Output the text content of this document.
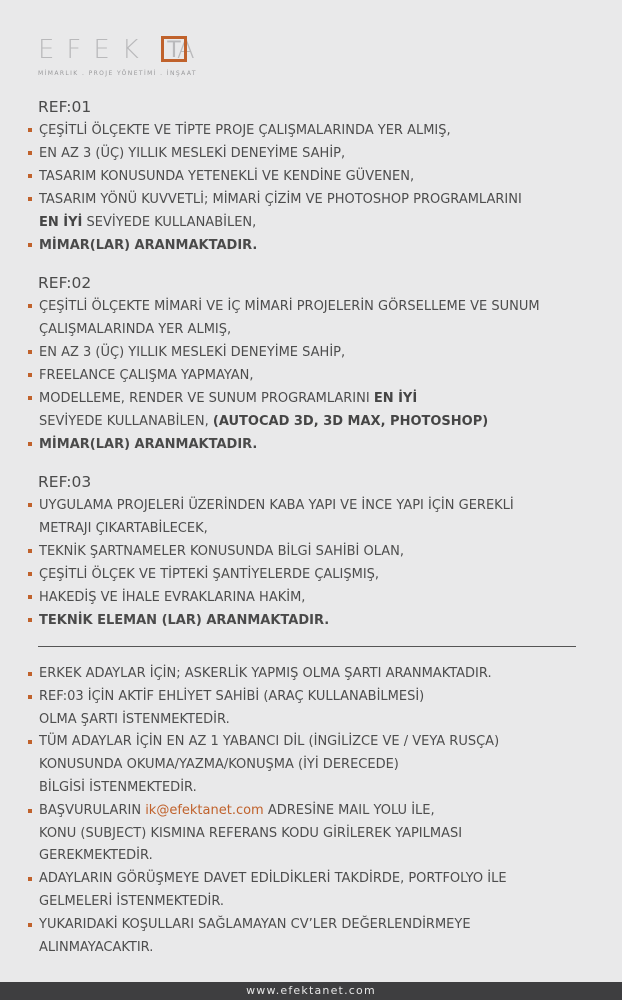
EFEK A
T
MİMARLIK . PROJE YÖNETİMİ . İNŞAAT
REF:01
ÇEŞİTLİ ÖLÇEKTE VE TİPTE PROJE ÇALIŞMALARINDA YER ALMIŞ,
EN AZ 3 (ÜÇ) YILLIK MESLEKİ DENEYİME SAHİP,
TASARIM KONUSUNDA YETENEKLİ VE KENDİNE GÜVENEN,
TASARIM YÖNÜ KUVVETLİ; MİMARİ ÇİZİM VE PHOTOSHOP PROGRAMLARINI
EN İYİ SEVİYEDE KULLANABİLEN,
MİMAR(LAR) ARANMAKTADIR.
REF:02
ÇEŞİTLİ ÖLÇEKTE MİMARİ VE İÇ MİMARİ PROJELERİN GÖRSELLEME VE SUNUM
ÇALIŞMALARINDA YER ALMIŞ,
EN AZ 3 (ÜÇ) YILLIK MESLEKİ DENEYİME SAHİP,
FREELANCE ÇALIŞMA YAPMAYAN,
MODELLEME, RENDER VE SUNUM PROGRAMLARINI EN İYİ
SEVİYEDE KULLANABİLEN, (AUTOCAD 3D, 3D MAX, PHOTOSHOP)
MİMAR(LAR) ARANMAKTADIR.
REF:03
UYGULAMA PROJELERİ ÜZERİNDEN KABA YAPI VE İNCE YAPI İÇİN GEREKLİ
METRAJI ÇIKARTABİLECEK,
TEKNİK ŞARTNAMELER KONUSUNDA BİLGİ SAHİBİ OLAN,
ÇEŞİTLİ ÖLÇEK VE TİPTEKİ ŞANTİYELERDE ÇALIŞMIŞ,
HAKEDİŞ VE İHALE EVRAKLARINA HAKİM,
TEKNİK ELEMAN (LAR) ARANMAKTADIR.
ERKEK ADAYLAR İÇİN; ASKERLİK YAPMIŞ OLMA ŞARTI ARANMAKTADIR.
REF:03 İÇİN AKTİF EHLİYET SAHİBİ (ARAÇ KULLANABİLMESİ)
OLMA ŞARTI İSTENMEKTEDİR.
TÜM ADAYLAR İÇİN EN AZ 1 YABANCI DİL (İNGİLİZCE VE / VEYA RUSÇA)
KONUSUNDA OKUMA/YAZMA/KONUŞMA (İYİ DERECEDE)
BİLGİSİ İSTENMEKTEDİR.
BAŞVURULARIN ik@efektanet.com ADRESİNE MAIL YOLU İLE,
KONU (SUBJECT) KISMINA REFERANS KODU GİRİLEREK YAPILMASI
GEREKMEKTEDİR.
ADAYLARIN GÖRÜŞMEYE DAVET EDİLDİKLERİ TAKDİRDE, PORTFOLYO İLE
GELMELERİ İSTENMEKTEDİR.
YUKARIDAKİ KOŞULLARI SAĞLAMAYAN CV’LER DEĞERLENDİRMEYE
ALINMAYACAKTIR.
www.efektanet.com
